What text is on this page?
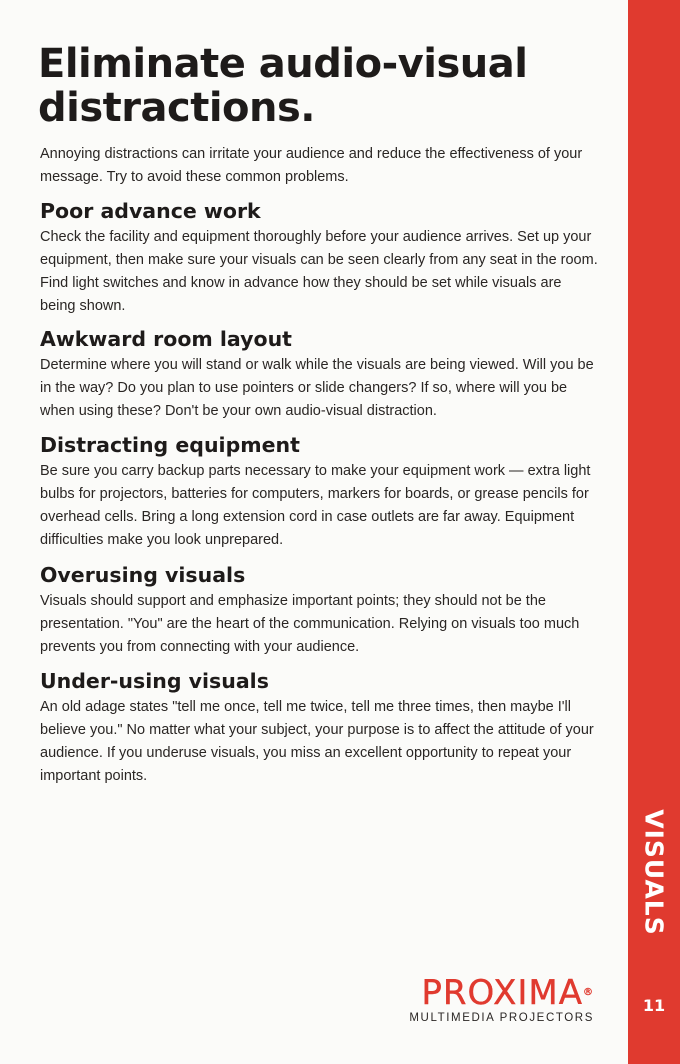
Eliminate audio-visual distractions.

Annoying distractions can irritate your audience and reduce the effectiveness of your message. Try to avoid these common problems.

Poor advance work

Check the facility and equipment thoroughly before your audience arrives. Set up your equipment, then make sure your visuals can be seen clearly from any seat in the room. Find light switches and know in advance how they should be set while visuals are being shown.

Awkward room layout

Determine where you will stand or walk while the visuals are being viewed. Will you be in the way? Do you plan to use pointers or slide changers? If so, where will you be when using these? Don't be your own audio-visual distraction.

Distracting equipment

Be sure you carry backup parts necessary to make your equipment work — extra light bulbs for projectors, batteries for computers, markers for boards, or grease pencils for overhead cells. Bring a long extension cord in case outlets are far away. Equipment difficulties make you look unprepared.

Overusing visuals

Visuals should support and emphasize important points; they should not be the presentation. "You" are the heart of the communication. Relying on visuals too much prevents you from connecting with your audience.

Under-using visuals

An old adage states "tell me once, tell me twice, tell me three times, then maybe I'll believe you." No matter what your subject, your purpose is to affect the attitude of your audience. If you underuse visuals, you miss an excellent opportunity to repeat your important points.

PROXIMA®
MULTIMEDIA PROJECTORS
VISUALS
11
